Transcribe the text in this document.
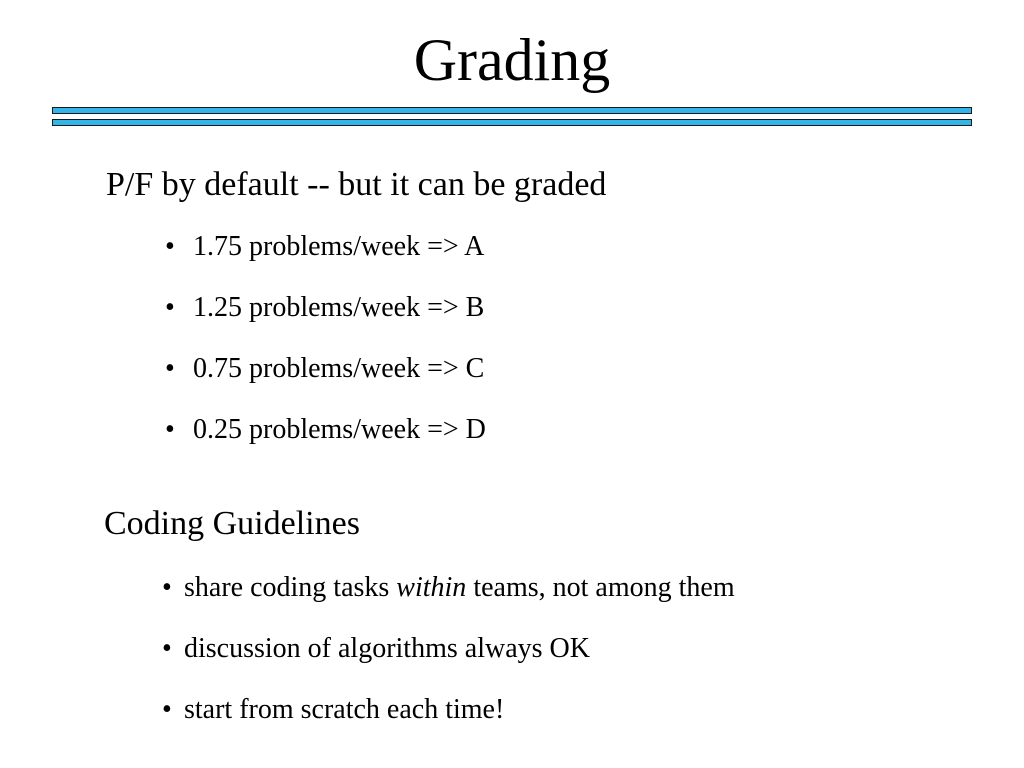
Grading
P/F by default -- but it can be graded
• 1.75 problems/week => A
• 1.25 problems/week => B
• 0.75 problems/week => C
• 0.25 problems/week => D
Coding Guidelines
• share coding tasks within teams, not among them
• discussion of algorithms always OK
• start from scratch each time!
